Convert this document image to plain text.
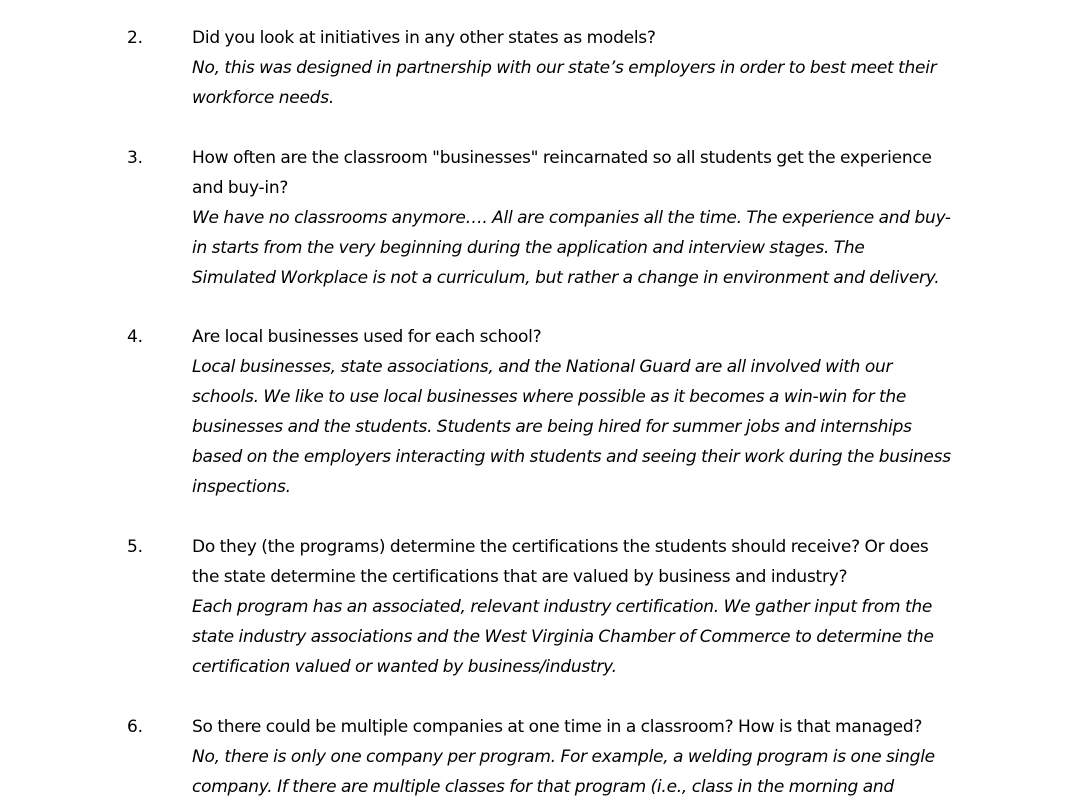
2.	Did you look at initiatives in any other states as models?

No, this was designed in partnership with our state’s employers in order to best meet their
workforce needs.

3.	How often are the classroom "businesses" reincarnated so all students get the experience
and buy-in?

We have no classrooms anymore…. All are companies all the time. The experience and buy-
in starts from the very beginning during the application and interview stages. The
Simulated Workplace is not a curriculum, but rather a change in environment and delivery.

4.	Are local businesses used for each school?

Local businesses, state associations, and the National Guard are all involved with our
schools. We like to use local businesses where possible as it becomes a win-win for the
businesses and the students. Students are being hired for summer jobs and internships
based on the employers interacting with students and seeing their work during the business
inspections.

5.	Do they (the programs) determine the certifications the students should receive? Or does
the state determine the certifications that are valued by business and industry?

Each program has an associated, relevant industry certification. We gather input from the
state industry associations and the West Virginia Chamber of Commerce to determine the
certification valued or wanted by business/industry.

6.	So there could be multiple companies at one time in a classroom? How is that managed?

No, there is only one company per program. For example, a welding program is one single
company. If there are multiple classes for that program (i.e., class in the morning and
